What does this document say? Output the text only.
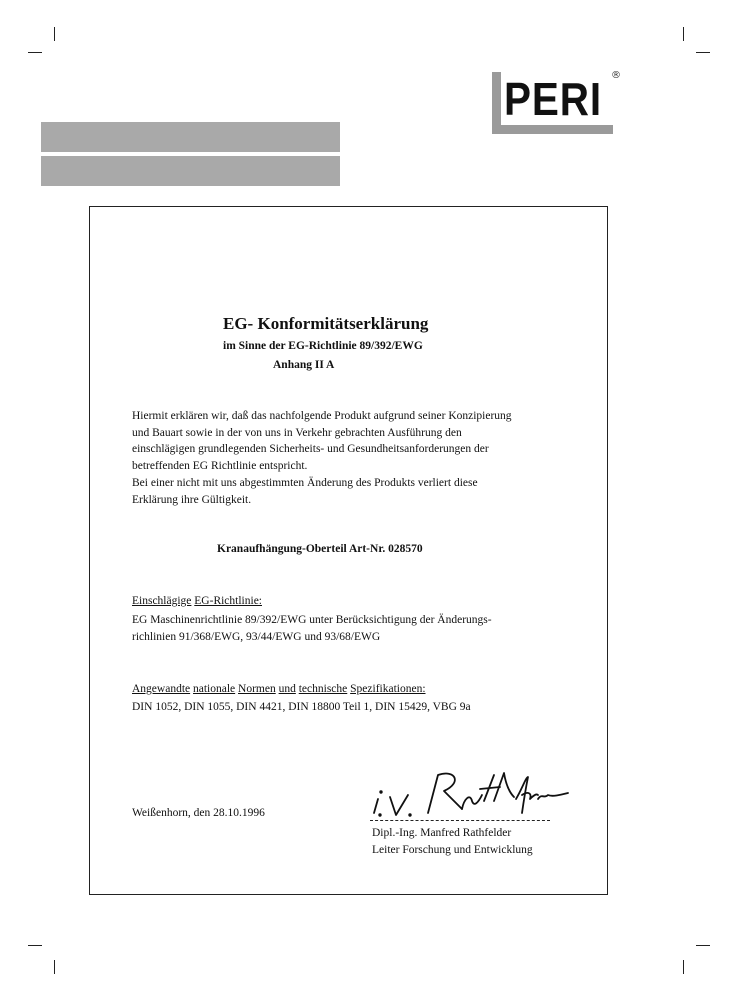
PERI ®
EG- Konformitätserklärung
im Sinne der EG-Richtlinie 89/392/EWG
Anhang II A
Hiermit erklären wir, daß das nachfolgende Produkt aufgrund seiner Konzipierung
und Bauart sowie in der von uns in Verkehr gebrachten Ausführung den
einschlägigen grundlegenden Sicherheits- und Gesundheitsanforderungen der
betreffenden EG Richtlinie entspricht.
Bei einer nicht mit uns abgestimmten Änderung des Produkts verliert diese
Erklärung ihre Gültigkeit.
Kranaufhängung-Oberteil Art-Nr. 028570
Einschlägige EG-Richtlinie:
EG Maschinenrichtlinie 89/392/EWG unter Berücksichtigung der Änderungs-
richlinien 91/368/EWG, 93/44/EWG und 93/68/EWG
Angewandte nationale Normen und technische Spezifikationen:
DIN 1052, DIN 1055, DIN 4421, DIN 18800 Teil 1, DIN 15429, VBG 9a
Weißenhorn, den 28.10.1996
Dipl.-Ing. Manfred Rathfelder
Leiter Forschung und Entwicklung
